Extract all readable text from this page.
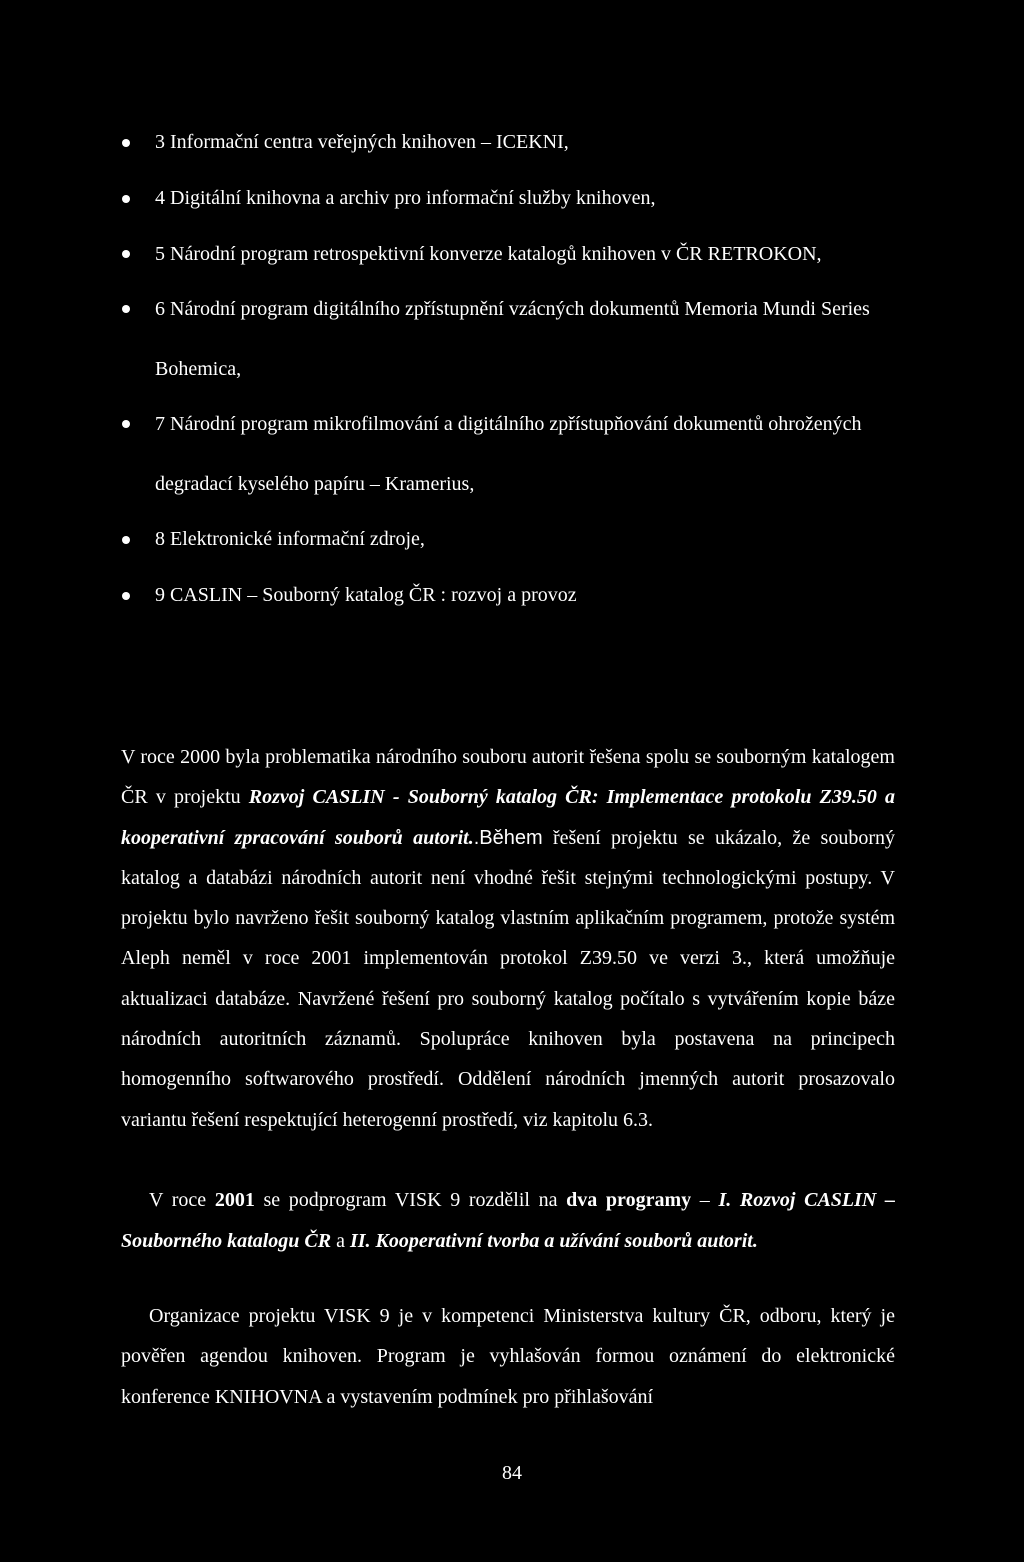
3 Informační centra veřejných knihoven – ICEKNI,
4 Digitální knihovna a archiv pro informační služby knihoven,
5 Národní program retrospektivní konverze katalogů knihoven v ČR RETROKON,
6 Národní program digitálního zpřístupnění vzácných dokumentů Memoria Mundi Series Bohemica,
7 Národní program mikrofilmování a digitálního zpřístupňování dokumentů ohrožených degradací kyselého papíru – Kramerius,
8 Elektronické informační zdroje,
9 CASLIN – Souborný katalog ČR : rozvoj a provoz

V roce 2000 byla problematika národního souboru autorit řešena spolu se souborným katalogem ČR v projektu Rozvoj CASLIN - Souborný katalog ČR: Implementace protokolu Z39.50 a kooperativní zpracování souborů autorit..Během řešení projektu se ukázalo, že souborný katalog a databázi národních autorit není vhodné řešit stejnými technologickými postupy. V projektu bylo navrženo řešit souborný katalog vlastním aplikačním programem, protože systém Aleph neměl v roce 2001 implementován protokol Z39.50 ve verzi 3., která umožňuje aktualizaci databáze. Navržené řešení pro souborný katalog počítalo s vytvářením kopie báze národních autoritních záznamů. Spolupráce knihoven byla postavena na principech homogenního softwarového prostředí. Oddělení národních jmenných autorit prosazovalo variantu řešení respektující heterogenní prostředí, viz kapitolu 6.3.

V roce 2001 se podprogram VISK 9 rozdělil na dva programy – I. Rozvoj CASLIN – Souborného katalogu ČR a II. Kooperativní tvorba a užívání souborů autorit.

Organizace projektu VISK 9 je v kompetenci Ministerstva kultury ČR, odboru, který je pověřen agendou knihoven. Program je vyhlašován formou oznámení do elektronické konference KNIHOVNA a vystavením podmínek pro přihlašování

84
